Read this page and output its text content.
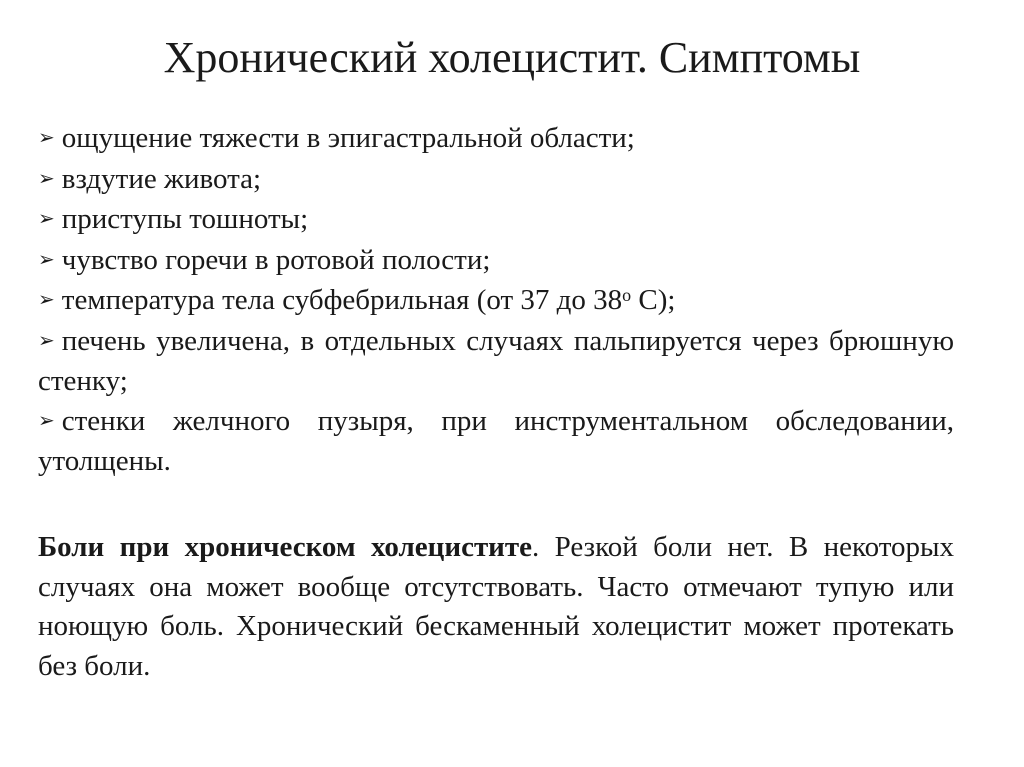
Хронический холецистит. Симптомы
➢ ощущение тяжести в эпигастральной области;
➢ вздутие живота;
➢ приступы тошноты;
➢ чувство горечи в ротовой полости;
➢ температура тела субфебрильная (от 37 до $38^о$ С);
➢ печень увеличена, в отдельных случаях пальпируется через брюшную стенку;
➢ стенки желчного пузыря, при инструментальном обследовании, утолщены.

Боли при хроническом холецистите. Резкой боли нет. В некоторых случаях она может вообще отсутствовать. Часто отмечают тупую или ноющую боль. Хронический бескаменный холецистит может протекать без боли.
